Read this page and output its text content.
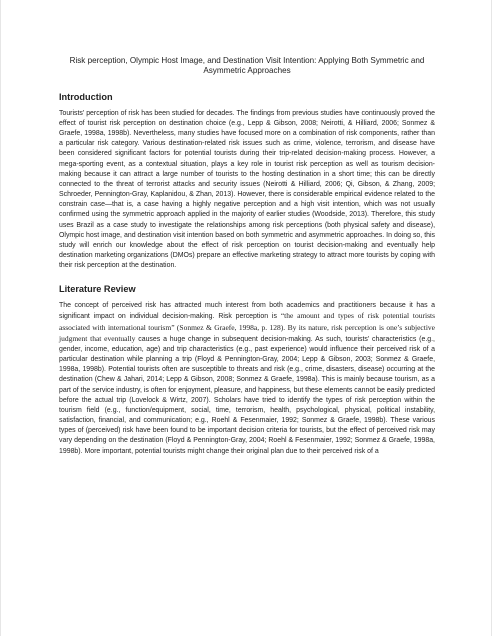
Risk perception, Olympic Host Image, and Destination Visit Intention: Applying Both Symmetric and Asymmetric Approaches
Introduction

Tourists’ perception of risk has been studied for decades. The findings from previous studies have continuously proved the effect of tourist risk perception on destination choice (e.g., Lepp & Gibson, 2008; Neirotti, & Hilliard, 2006; Sonmez & Graefe, 1998a, 1998b). Nevertheless, many studies have focused more on a combination of risk components, rather than a particular risk category. Various destination-related risk issues such as crime, violence, terrorism, and disease have been considered significant factors for potential tourists during their trip-related decision-making process. However, a mega-sporting event, as a contextual situation, plays a key role in tourist risk perception as well as tourism decision-making because it can attract a large number of tourists to the hosting destination in a short time; this can be directly connected to the threat of terrorist attacks and security issues (Neirotti & Hilliard, 2006; Qi, Gibson, & Zhang, 2009; Schroeder, Pennington-Gray, Kaplanidou, & Zhan, 2013). However, there is considerable empirical evidence related to the constrain case—that is, a case having a highly negative perception and a high visit intention, which was not usually confirmed using the symmetric approach applied in the majority of earlier studies (Woodside, 2013). Therefore, this study uses Brazil as a case study to investigate the relationships among risk perceptions (both physical safety and disease), Olympic host image, and destination visit intention based on both symmetric and asymmetric approaches. In doing so, this study will enrich our knowledge about the effect of risk perception on tourist decision-making and eventually help destination marketing organizations (DMOs) prepare an effective marketing strategy to attract more tourists by coping with their risk perception at the destination.

Literature Review

The concept of perceived risk has attracted much interest from both academics and practitioners because it has a significant impact on individual decision-making. Risk perception is “the amount and types of risk potential tourists associated with international tourism” (Sonmez & Graefe, 1998a, p. 128). By its nature, risk perception is one’s subjective judgment that eventually causes a huge change in subsequent decision-making. As such, tourists’ characteristics (e.g., gender, income, education, age) and trip characteristics (e.g., past experience) would influence their perceived risk of a particular destination while planning a trip (Floyd & Pennington-Gray, 2004; Lepp & Gibson, 2003; Sonmez & Graefe, 1998a, 1998b). Potential tourists often are susceptible to threats and risk (e.g., crime, disasters, disease) occurring at the destination (Chew & Jahari, 2014; Lepp & Gibson, 2008; Sonmez & Graefe, 1998a). This is mainly because tourism, as a part of the service industry, is often for enjoyment, pleasure, and happiness, but these elements cannot be easily predicted before the actual trip (Lovelock & Wirtz, 2007). Scholars have tried to identify the types of risk perception within the tourism field (e.g., function/equipment, social, time, terrorism, health, psychological, physical, political instability, satisfaction, financial, and communication; e.g., Roehl & Fesenmaier, 1992; Sonmez & Graefe, 1998b). These various types of (perceived) risk have been found to be important decision criteria for tourists, but the effect of perceived risk may vary depending on the destination (Floyd & Pennington-Gray, 2004; Roehl & Fesenmaier, 1992; Sonmez & Graefe, 1998a, 1998b). More important, potential tourists might change their original plan due to their perceived risk of a
